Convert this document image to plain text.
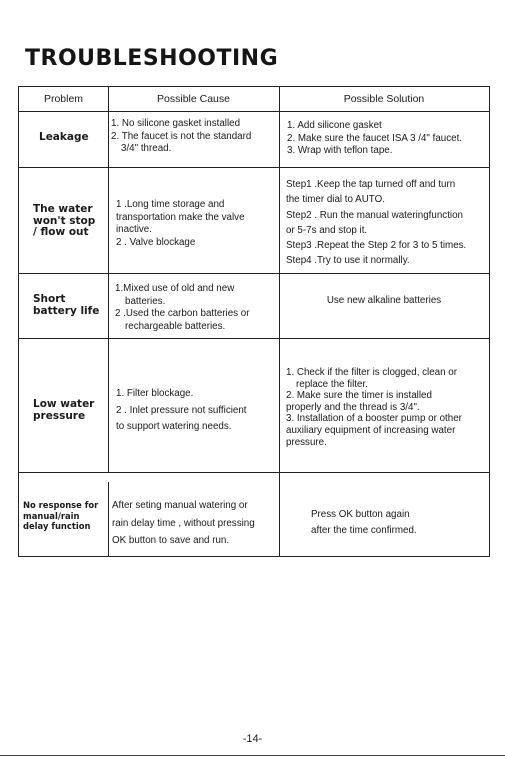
TROUBLESHOOTING
Problem	Possible Cause	Possible Solution
Leakage
1. No silicone gasket installed
2. The faucet is not the standard
3/4" thread.
1. Add silicone gasket
2. Make sure the faucet ISA 3 /4" faucet.
3. Wrap with teflon tape.
The water
won't stop
/ flow out
1 .Long time storage and
transportation make the valve
inactive.
2 . Valve blockage
Step1 .Keep the tap turned off and turn
the timer dial to AUTO.
Step2 . Run the manual wateringfunction
or 5-7s and stop it.
Step3 .Repeat the Step 2 for 3 to 5 times.
Step4 .Try to use it normally.
Short
battery life
1.Mixed use of old and new
batteries.
2 .Used the carbon batteries or
rechargeable batteries.
Use new alkaline batteries
Low water
pressure
1. Filter blockage.
2 . Inlet pressure not sufficient
to support watering needs.
1. Check if the filter is clogged, clean or
replace the filter.
2. Make sure the timer is installed
properly and the thread is 3/4".
3. Installation of a booster pump or other
auxiliary equipment of increasing water
pressure.
No response for
manual/rain
delay function
After seting manual watering or
rain delay time , without pressing
OK button to save and run.
Press OK button again
after the time confirmed.
-14-
